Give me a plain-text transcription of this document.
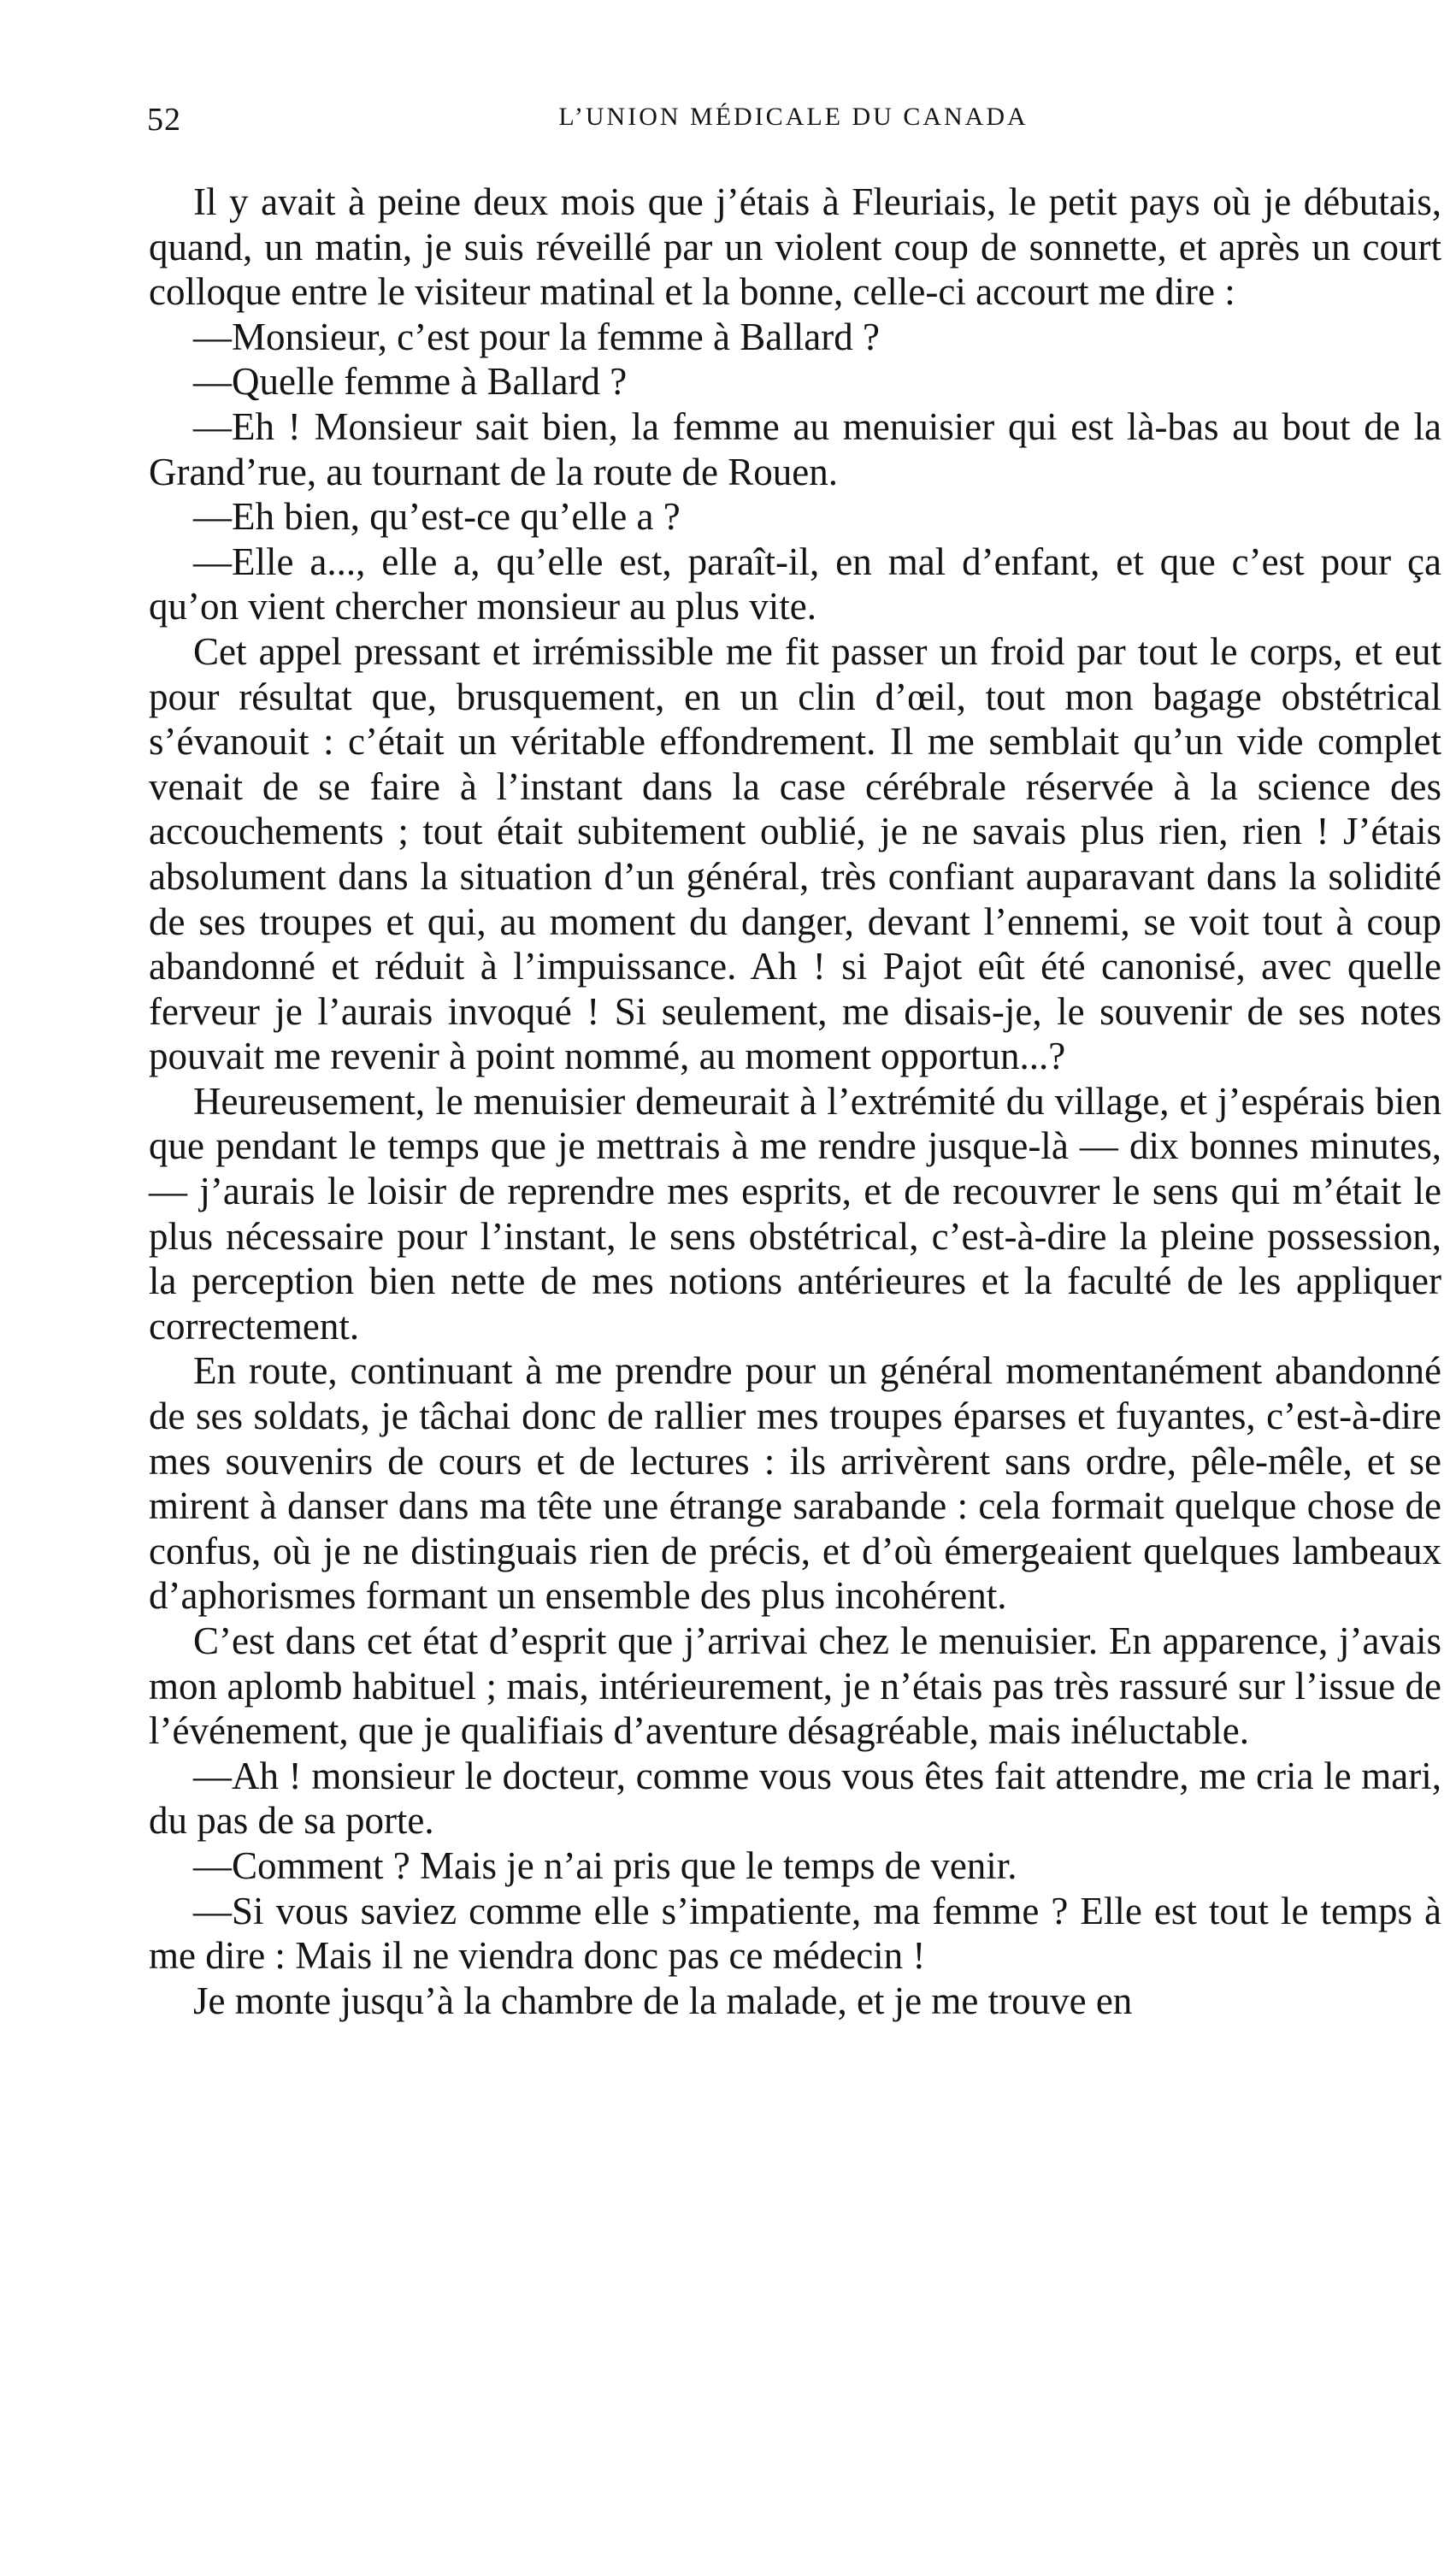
52	L’UNION MÉDICALE DU CANADA

Il y avait à peine deux mois que j’étais à Fleuriais, le petit pays où je débutais, quand, un matin, je suis réveillé par un violent coup de sonnette, et après un court colloque entre le visiteur matinal et la bonne, celle-ci accourt me dire :

—Monsieur, c’est pour la femme à Ballard ?

—Quelle femme à Ballard ?

—Eh ! Monsieur sait bien, la femme au menuisier qui est là-bas au bout de la Grand’rue, au tournant de la route de Rouen.

—Eh bien, qu’est-ce qu’elle a ?

—Elle a..., elle a, qu’elle est, paraît-il, en mal d’enfant, et que c’est pour ça qu’on vient chercher monsieur au plus vite.

Cet appel pressant et irrémissible me fit passer un froid par tout le corps, et eut pour résultat que, brusquement, en un clin d’œil, tout mon bagage obstétrical s’évanouit : c’était un véritable effondrement. Il me semblait qu’un vide complet venait de se faire à l’instant dans la case cérébrale réservée à la science des accouchements ; tout était subitement oublié, je ne savais plus rien, rien ! J’étais absolument dans la situation d’un général, très confiant auparavant dans la solidité de ses troupes et qui, au moment du danger, devant l’ennemi, se voit tout à coup abandonné et réduit à l’impuissance. Ah ! si Pajot eût été canonisé, avec quelle ferveur je l’aurais invoqué ! Si seulement, me disais-je, le souvenir de ses notes pouvait me revenir à point nommé, au moment opportun...?

Heureusement, le menuisier demeurait à l’extrémité du village, et j’espérais bien que pendant le temps que je mettrais à me rendre jusque-là — dix bonnes minutes, — j’aurais le loisir de reprendre mes esprits, et de recouvrer le sens qui m’était le plus nécessaire pour l’instant, le sens obstétrical, c’est-à-dire la pleine possession, la perception bien nette de mes notions antérieures et la faculté de les appliquer correctement.

En route, continuant à me prendre pour un général momentanément abandonné de ses soldats, je tâchai donc de rallier mes troupes éparses et fuyantes, c’est-à-dire mes souvenirs de cours et de lectures : ils arrivèrent sans ordre, pêle-mêle, et se mirent à danser dans ma tête une étrange sarabande : cela formait quelque chose de confus, où je ne distinguais rien de précis, et d’où émergeaient quelques lambeaux d’aphorismes formant un ensemble des plus incohérent.

C’est dans cet état d’esprit que j’arrivai chez le menuisier. En apparence, j’avais mon aplomb habituel ; mais, intérieurement, je n’étais pas très rassuré sur l’issue de l’événement, que je qualifiais d’aventure désagréable, mais inéluctable.

—Ah ! monsieur le docteur, comme vous vous êtes fait attendre, me cria le mari, du pas de sa porte.

—Comment ? Mais je n’ai pris que le temps de venir.

—Si vous saviez comme elle s’impatiente, ma femme ? Elle est tout le temps à me dire : Mais il ne viendra donc pas ce médecin !

Je monte jusqu’à la chambre de la malade, et je me trouve en
